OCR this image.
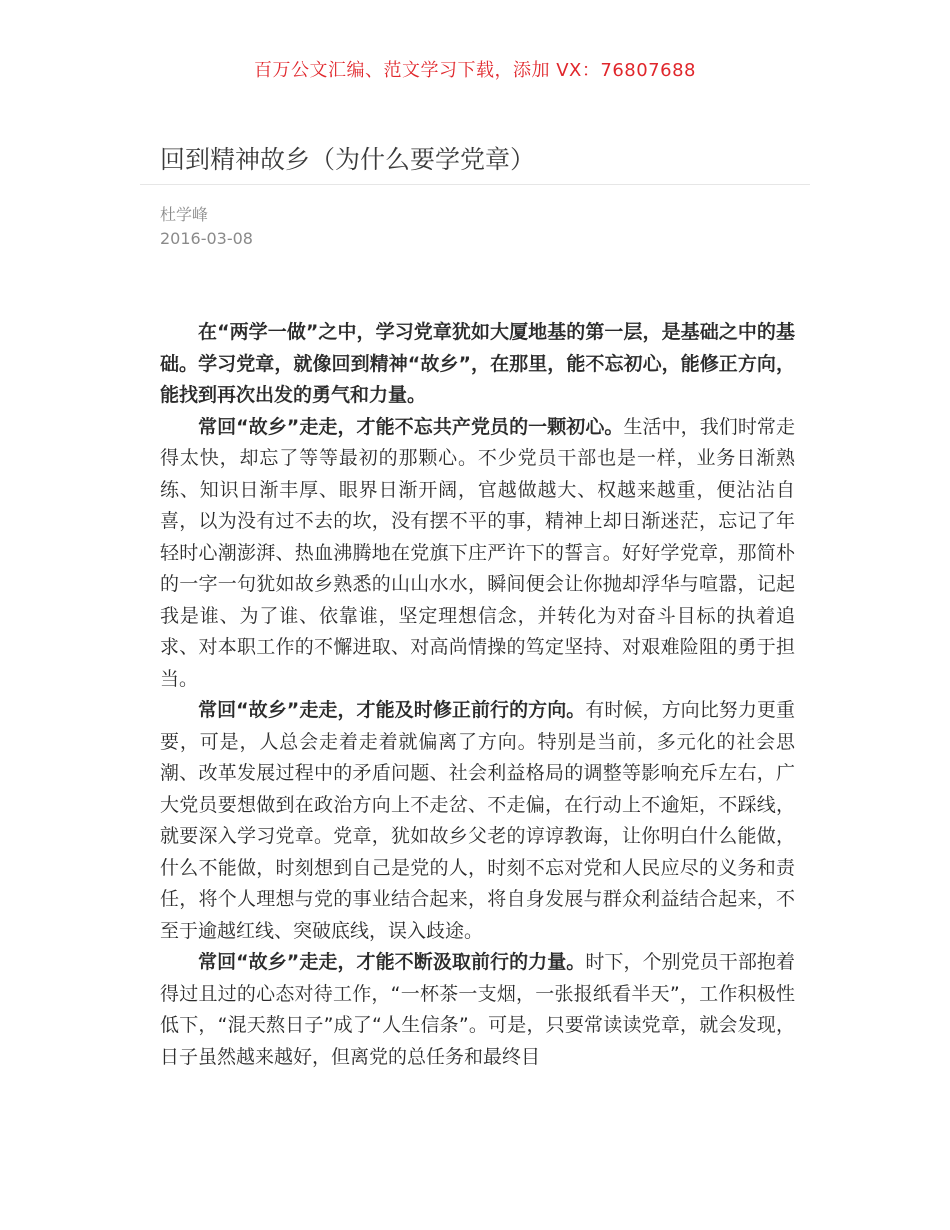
百万公文汇编、范文学习下载，添加 VX：76807688
回到精神故乡（为什么要学党章）
杜学峰
2016-03-08

在“两学一做”之中，学习党章犹如大厦地基的第一层，是基础之中的基础。学习党章，就像回到精神“故乡”，在那里，能不忘初心，能修正方向，能找到再次出发的勇气和力量。

常回“故乡”走走，才能不忘共产党员的一颗初心。生活中，我们时常走得太快，却忘了等等最初的那颗心。不少党员干部也是一样，业务日渐熟练、知识日渐丰厚、眼界日渐开阔，官越做越大、权越来越重，便沾沾自喜，以为没有过不去的坎，没有摆不平的事，精神上却日渐迷茫，忘记了年轻时心潮澎湃、热血沸腾地在党旗下庄严许下的誓言。好好学党章，那简朴的一字一句犹如故乡熟悉的山山水水，瞬间便会让你抛却浮华与喧嚣，记起我是谁、为了谁、依靠谁，坚定理想信念，并转化为对奋斗目标的执着追求、对本职工作的不懈进取、对高尚情操的笃定坚持、对艰难险阻的勇于担当。

常回“故乡”走走，才能及时修正前行的方向。有时候，方向比努力更重要，可是，人总会走着走着就偏离了方向。特别是当前，多元化的社会思潮、改革发展过程中的矛盾问题、社会利益格局的调整等影响充斥左右，广大党员要想做到在政治方向上不走岔、不走偏，在行动上不逾矩，不踩线，就要深入学习党章。党章，犹如故乡父老的谆谆教诲，让你明白什么能做，什么不能做，时刻想到自己是党的人，时刻不忘对党和人民应尽的义务和责任，将个人理想与党的事业结合起来，将自身发展与群众利益结合起来，不至于逾越红线、突破底线，误入歧途。

常回“故乡”走走，才能不断汲取前行的力量。时下，个别党员干部抱着得过且过的心态对待工作，“一杯茶一支烟，一张报纸看半天”，工作积极性低下，“混天熬日子”成了“人生信条”。可是，只要常读读党章，就会发现，日子虽然越来越好，但离党的总任务和最终目
